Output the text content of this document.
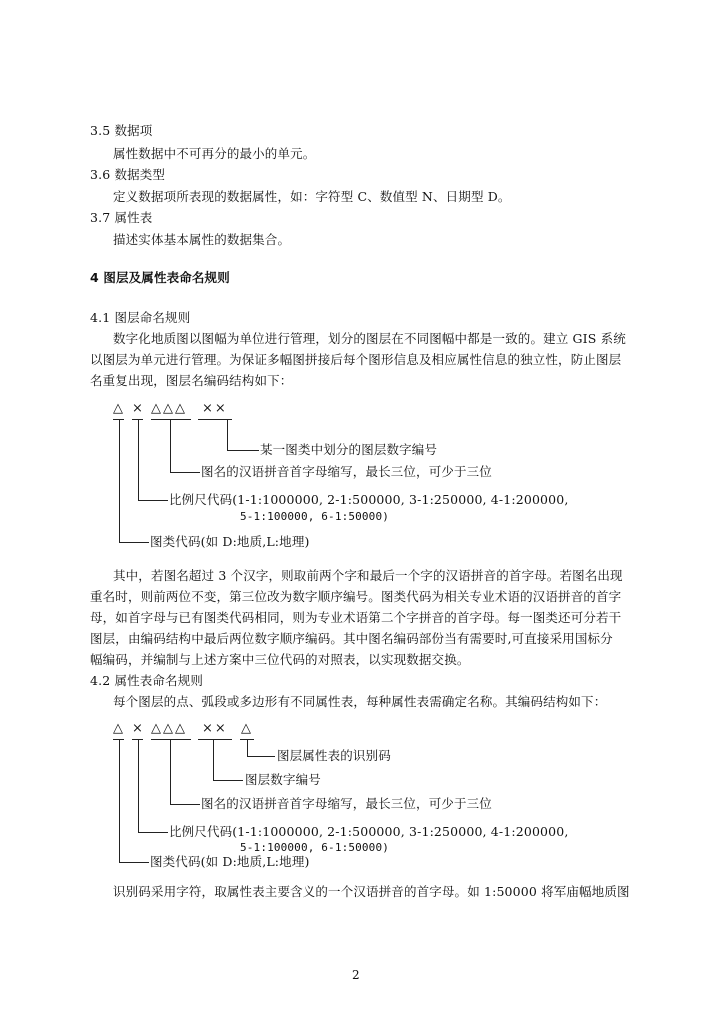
3.5 数据项
属性数据中不可再分的最小的单元。
3.6 数据类型
定义数据项所表现的数据属性，如：字符型 C、数值型 N、日期型 D。
3.7 属性表
描述实体基本属性的数据集合。
4 图层及属性表命名规则
4.1 图层命名规则
数字化地质图以图幅为单位进行管理，划分的图层在不同图幅中都是一致的。建立 GIS 系统
以图层为单元进行管理。为保证多幅图拼接后每个图形信息及相应属性信息的独立性，防止图层
名重复出现，图层名编码结构如下：
△ × △△△ ××
某一图类中划分的图层数字编号
图名的汉语拼音首字母缩写，最长三位，可少于三位
比例尺代码(1-1:1000000, 2-1:500000, 3-1:250000, 4-1:200000,
5-1:100000, 6-1:50000)
图类代码(如 D:地质,L:地理)
其中，若图名超过 3 个汉字，则取前两个字和最后一个字的汉语拼音的首字母。若图名出现
重名时，则前两位不变，第三位改为数字顺序编号。图类代码为相关专业术语的汉语拼音的首字
母，如首字母与已有图类代码相同，则为专业术语第二个字拼音的首字母。每一图类还可分若干
图层，由编码结构中最后两位数字顺序编码。其中图名编码部份当有需要时,可直接采用国标分
幅编码，并编制与上述方案中三位代码的对照表，以实现数据交换。
4.2 属性表命名规则
每个图层的点、弧段或多边形有不同属性表，每种属性表需确定名称。其编码结构如下：
△ × △△△ ×× △
图层属性表的识别码
图层数字编号
图名的汉语拼音首字母缩写，最长三位，可少于三位
比例尺代码(1-1:1000000, 2-1:500000, 3-1:250000, 4-1:200000,
5-1:100000, 6-1:50000)
图类代码(如 D:地质,L:地理)
识别码采用字符，取属性表主要含义的一个汉语拼音的首字母。如 1:50000 将军庙幅地质图
2
